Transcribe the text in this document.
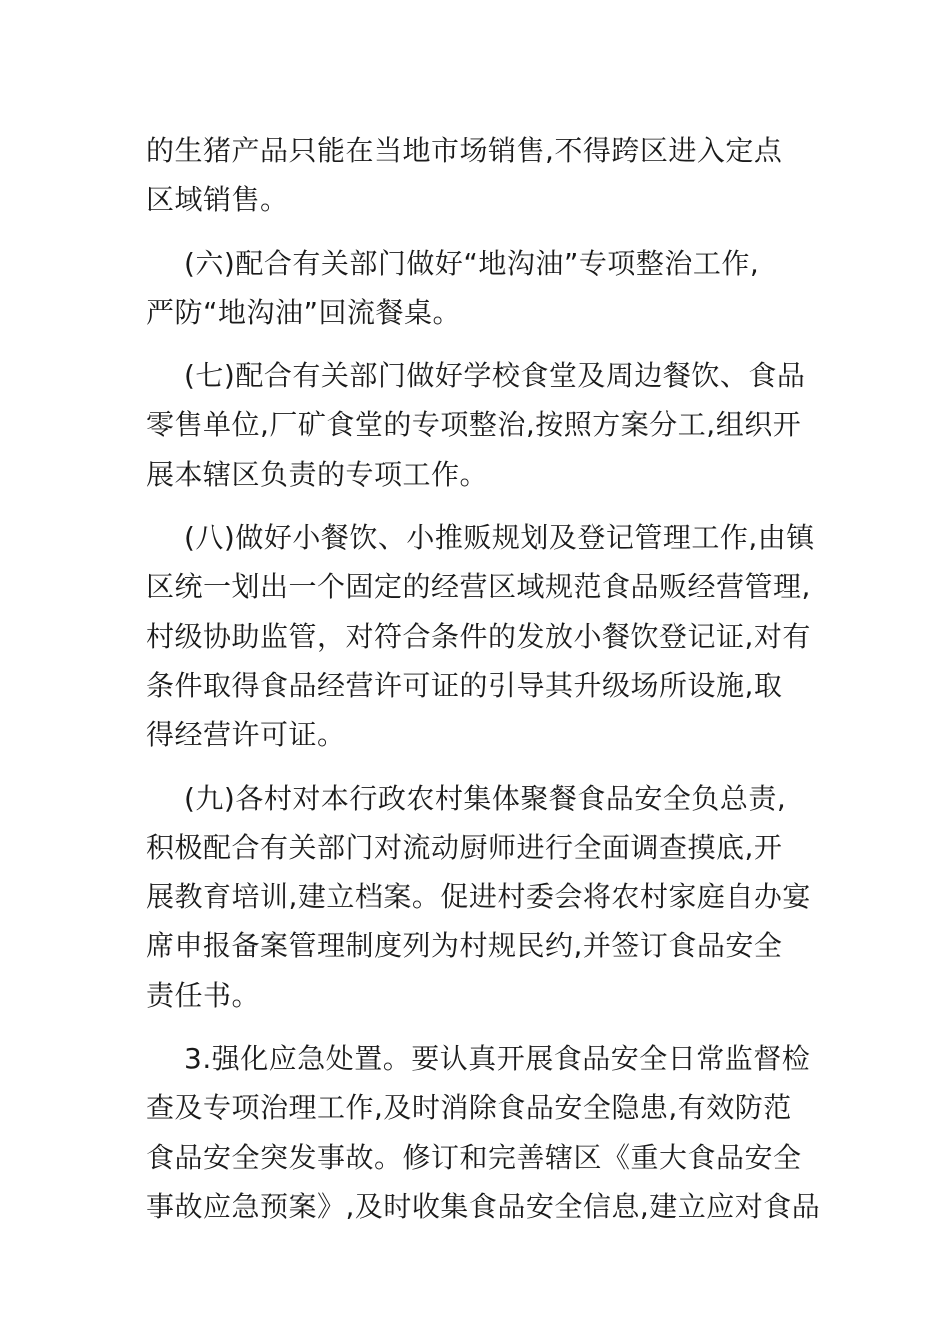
的生猪产品只能在当地市场销售,不得跨区进入定点
区域销售。
(六)配合有关部门做好“地沟油”专项整治工作,
严防“地沟油”回流餐桌。
(七)配合有关部门做好学校食堂及周边餐饮、食品
零售单位,厂矿食堂的专项整治,按照方案分工,组织开
展本辖区负责的专项工作。
(八)做好小餐饮、小推贩规划及登记管理工作,由镇
区统一划出一个固定的经营区域规范食品贩经营管理,
村级协助监管，对符合条件的发放小餐饮登记证,对有
条件取得食品经营许可证的引导其升级场所设施,取
得经营许可证。
(九)各村对本行政农村集体聚餐食品安全负总责,
积极配合有关部门对流动厨师进行全面调查摸底,开
展教育培训,建立档案。促进村委会将农村家庭自办宴
席申报备案管理制度列为村规民约,并签订食品安全
责任书。
3.强化应急处置。要认真开展食品安全日常监督检
查及专项治理工作,及时消除食品安全隐患,有效防范
食品安全突发事故。修订和完善辖区《重大食品安全
事故应急预案》,及时收集食品安全信息,建立应对食品
